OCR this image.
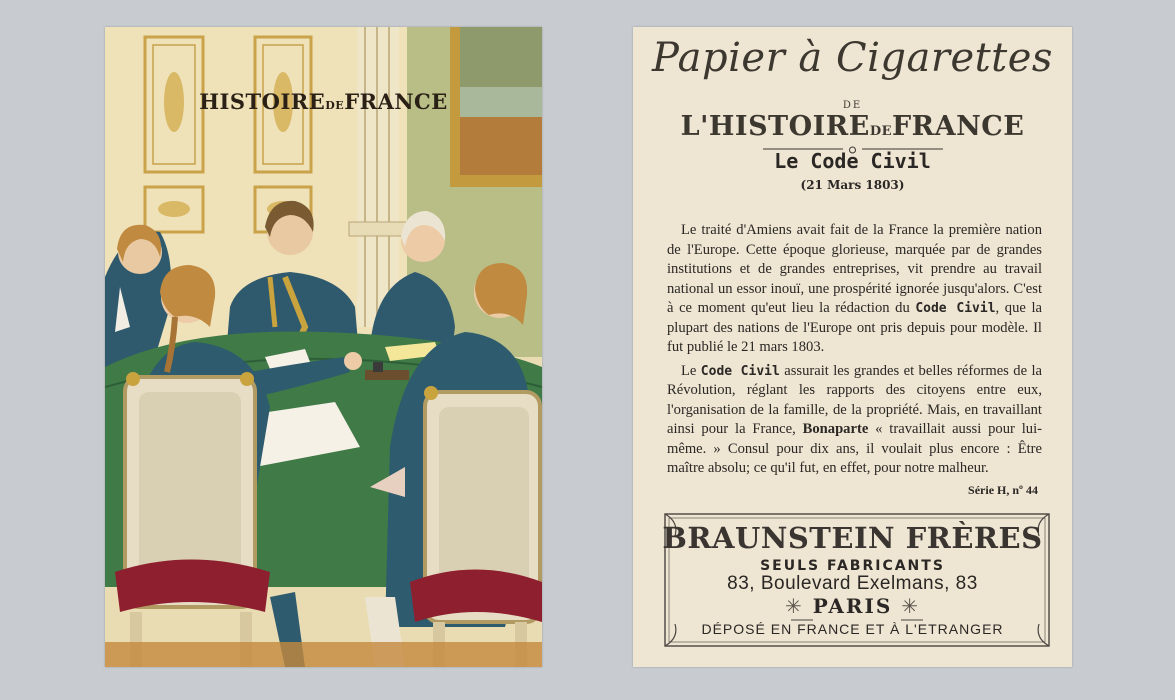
HISTOIREDEFRANCE
Papier à Cigarettes
DE
L'HISTOIREDEFRANCE
Le Code Civil
(21 Mars 1803)

Le traité d'Amiens avait fait de la France la première nation de l'Europe. Cette époque glorieuse, marquée par de grandes institutions et de grandes entreprises, vit prendre au travail national un essor inouï, une prospérité ignorée jusqu'alors. C'est à ce moment qu'eut lieu la rédaction du Code Civil, que la plupart des nations de l'Europe ont pris depuis pour modèle. Il fut publié le 21 mars 1803.

Le Code Civil assurait les grandes et belles réformes de la Révolution, réglant les rapports des citoyens entre eux, l'organisation de la famille, de la propriété. Mais, en travaillant ainsi pour la France, Bonaparte « travaillait aussi pour lui-même. » Consul pour dix ans, il voulait plus encore : Être maître absolu; ce qu'il fut, en effet, pour notre malheur.

Série H, nº 44
BRAUNSTEIN FRÈRES
SEULS FABRICANTS
83, Boulevard Exelmans, 83
✳ PARIS ✳
DÉPOSÉ EN FRANCE ET À L'ETRANGER
